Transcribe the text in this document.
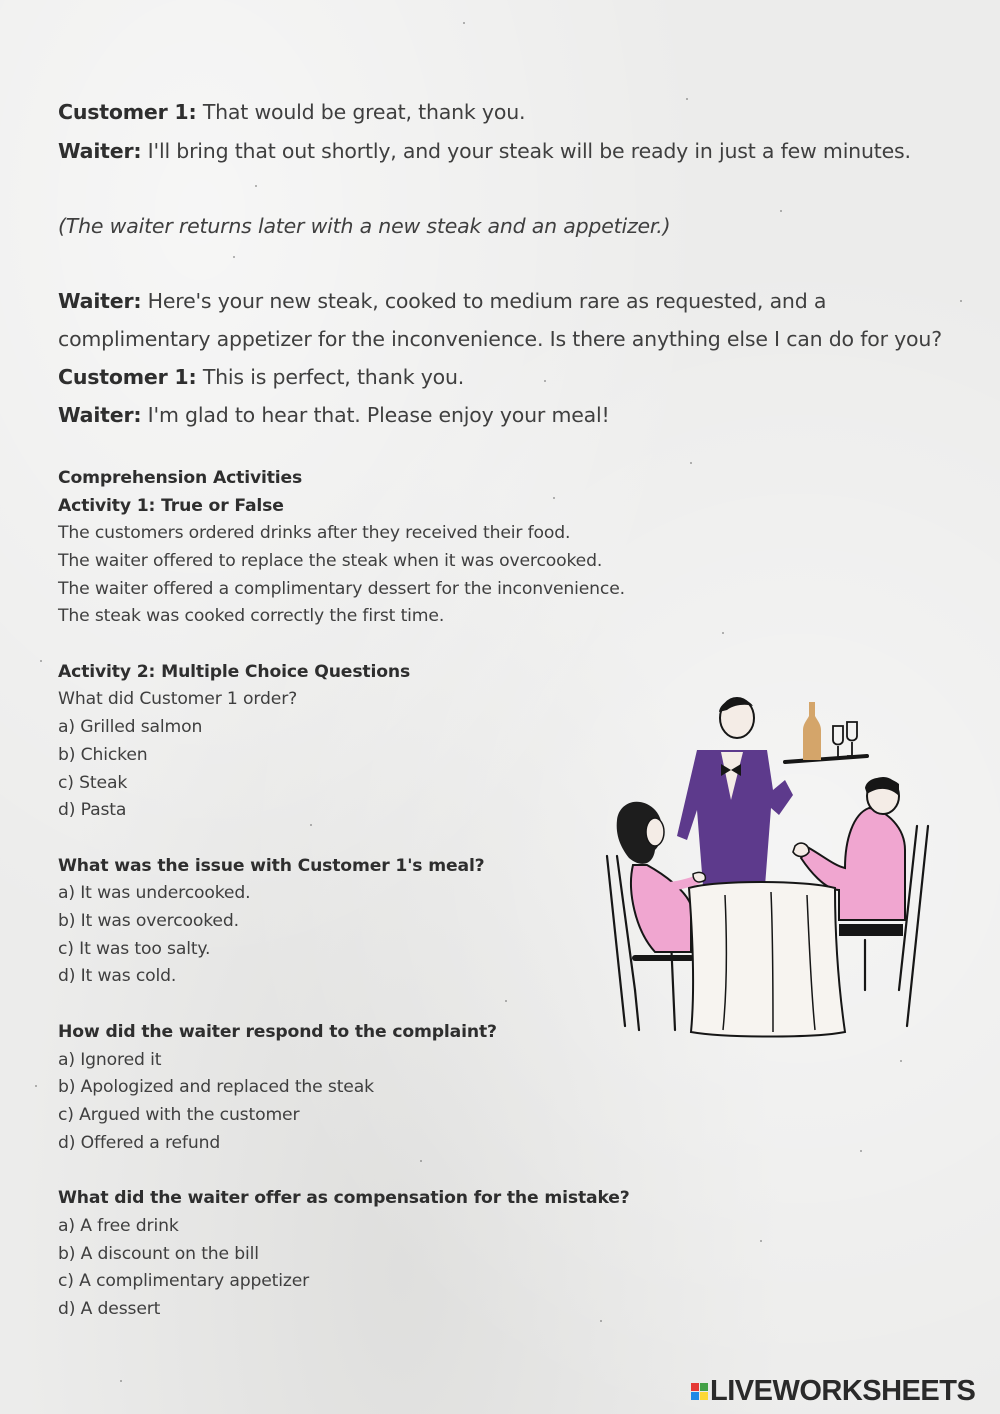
Customer 1: That would be great, thank you.
Waiter: I'll bring that out shortly, and your steak will be ready in just a few minutes.
(The waiter returns later with a new steak and an appetizer.)
Waiter: Here's your new steak, cooked to medium rare as requested, and a
complimentary appetizer for the inconvenience. Is there anything else I can do for you?
Customer 1: This is perfect, thank you.
Waiter: I'm glad to hear that. Please enjoy your meal!
Comprehension Activities
Activity 1: True or False
The customers ordered drinks after they received their food.
The waiter offered to replace the steak when it was overcooked.
The waiter offered a complimentary dessert for the inconvenience.
The steak was cooked correctly the first time.
Activity 2: Multiple Choice Questions
What did Customer 1 order?
a) Grilled salmon
b) Chicken
c) Steak
d) Pasta
What was the issue with Customer 1's meal?
a) It was undercooked.
b) It was overcooked.
c) It was too salty.
d) It was cold.
How did the waiter respond to the complaint?
a) Ignored it
b) Apologized and replaced the steak
c) Argued with the customer
d) Offered a refund
What did the waiter offer as compensation for the mistake?
a) A free drink
b) A discount on the bill
c) A complimentary appetizer
d) A dessert
LIVEWORKSHEETS
